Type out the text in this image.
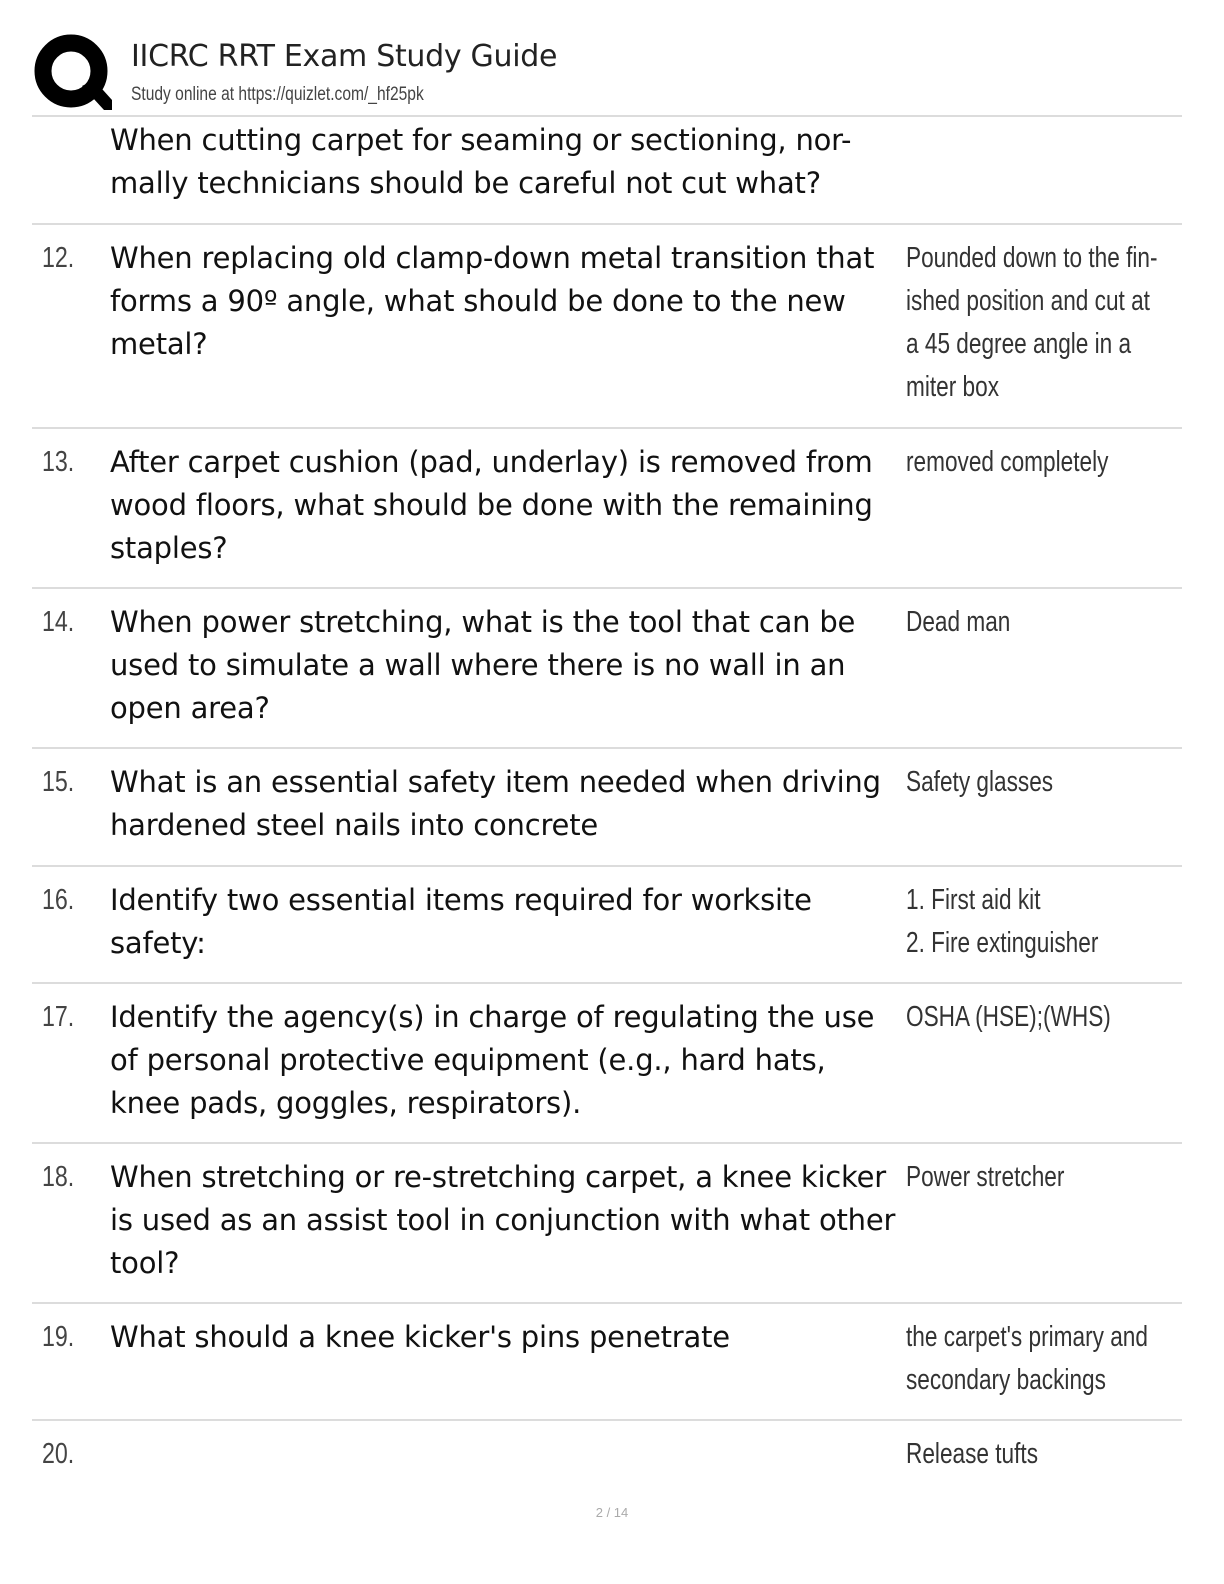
IICRC RRT Exam Study Guide
Study online at https://quizlet.com/_hf25pk
When cutting carpet for seaming or sectioning, nor-mally technicians should be careful not cut what?
12. When replacing old clamp-down metal transition that forms a 90º angle, what should be done to the new metal?
Pounded down to the fin-ished position and cut at a 45 degree angle in a miter box
13. After carpet cushion (pad, underlay) is removed from wood floors, what should be done with the remaining staples?
removed completely
14. When power stretching, what is the tool that can be used to simulate a wall where there is no wall in an open area?
Dead man
15. What is an essential safety item needed when driving hardened steel nails into concrete
Safety glasses
16. Identify two essential items required for worksite safety:
1. First aid kit
2. Fire extinguisher
17. Identify the agency(s) in charge of regulating the use of personal protective equipment (e.g., hard hats, knee pads, goggles, respirators).
OSHA (HSE);(WHS)
18. When stretching or re-stretching carpet, a knee kicker is used as an assist tool in conjunction with what other tool?
Power stretcher
19. What should a knee kicker's pins penetrate	the carpet's primary and secondary backings
20.	Release tufts
2 / 14
